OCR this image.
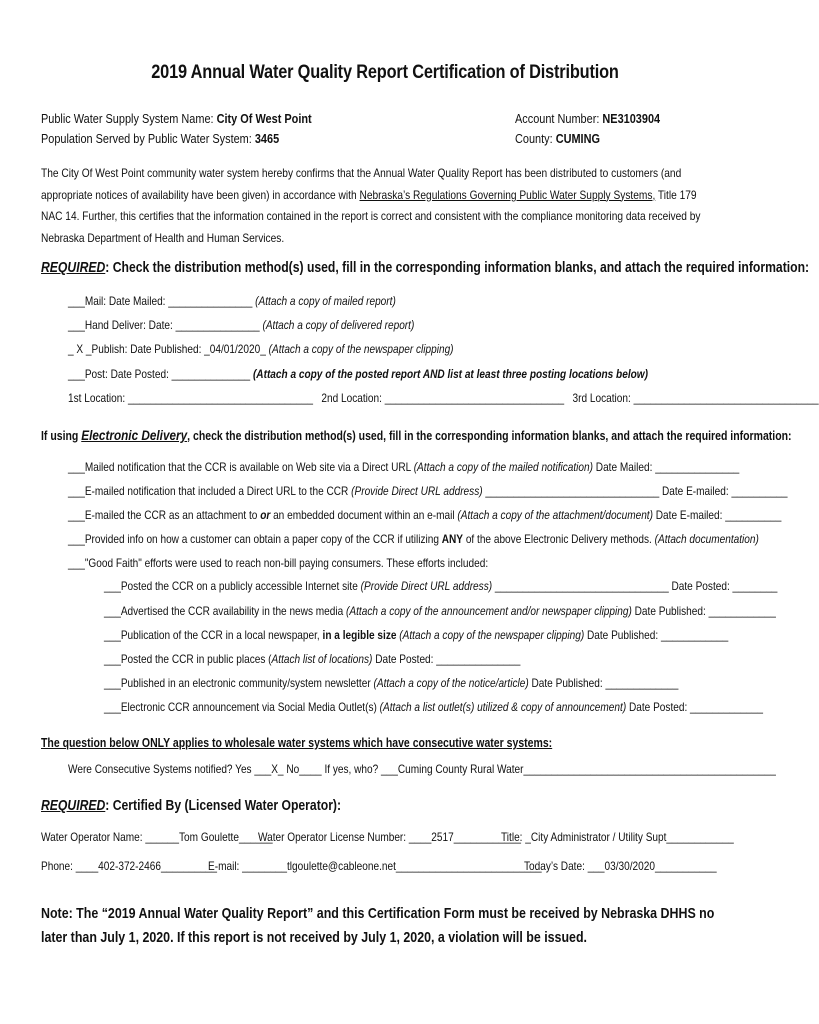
2019 Annual Water Quality Report Certification of Distribution
Public Water Supply System Name: City Of West Point
Population Served by Public Water System: 3465
Account Number: NE3103904
County: CUMING
The City Of West Point community water system hereby confirms that the Annual Water Quality Report has been distributed to customers (and appropriate notices of availability have been given) in accordance with Nebraska’s Regulations Governing Public Water Supply Systems, Title 179 NAC 14. Further, this certifies that the information contained in the report is correct and consistent with the compliance monitoring data received by Nebraska Department of Health and Human Services.
REQUIRED: Check the distribution method(s) used, fill in the corresponding information blanks, and attach the required information:
___Mail: Date Mailed: _______________ (Attach a copy of mailed report)
___Hand Deliver: Date: _______________ (Attach a copy of delivered report)
_ X _Publish: Date Published: _04/01/2020_ (Attach a copy of the newspaper clipping)
___Post: Date Posted: ______________ (Attach a copy of the posted report AND list at least three posting locations below)
1st Location: _________________________________ 2nd Location: ________________________________ 3rd Location: _________________________________
If using Electronic Delivery, check the distribution method(s) used, fill in the corresponding information blanks, and attach the required information:
___Mailed notification that the CCR is available on Web site via a Direct URL (Attach a copy of the mailed notification) Date Mailed: _______________
___E-mailed notification that included a Direct URL to the CCR (Provide Direct URL address) _______________________________ Date E-mailed: __________
___E-mailed the CCR as an attachment to or an embedded document within an e-mail (Attach a copy of the attachment/document) Date E-mailed: __________
___Provided info on how a customer can obtain a paper copy of the CCR if utilizing ANY of the above Electronic Delivery methods. (Attach documentation)
___"Good Faith" efforts were used to reach non-bill paying consumers. These efforts included:
___Posted the CCR on a publicly accessible Internet site (Provide Direct URL address) _______________________________ Date Posted: ________
___Advertised the CCR availability in the news media (Attach a copy of the announcement and/or newspaper clipping) Date Published: ____________
___Publication of the CCR in a local newspaper, in a legible size (Attach a copy of the newspaper clipping) Date Published: ____________
___Posted the CCR in public places (Attach list of locations) Date Posted: _______________
___Published in an electronic community/system newsletter (Attach a copy of the notice/article) Date Published: _____________
___Electronic CCR announcement via Social Media Outlet(s) (Attach a list outlet(s) utilized & copy of announcement) Date Posted: _____________
The question below ONLY applies to wholesale water systems which have consecutive water systems:
Were Consecutive Systems notified? Yes ___X_ No____ If yes, who? ___Cuming County Rural Water_____________________________________________
REQUIRED: Certified By (Licensed Water Operator):
Water Operator Name: ______Tom Goulette______
Water Operator License Number: ____2517____________
Title: _City Administrator / Utility Supt____________
Phone: ____402-372-2466__________
E-mail: ________tlgoulette@cableone.net__________________________
Today’s Date: ___03/30/2020___________
Note: The “2019 Annual Water Quality Report” and this Certification Form must be received by Nebraska DHHS no later than July 1, 2020. If this report is not received by July 1, 2020, a violation will be issued.
